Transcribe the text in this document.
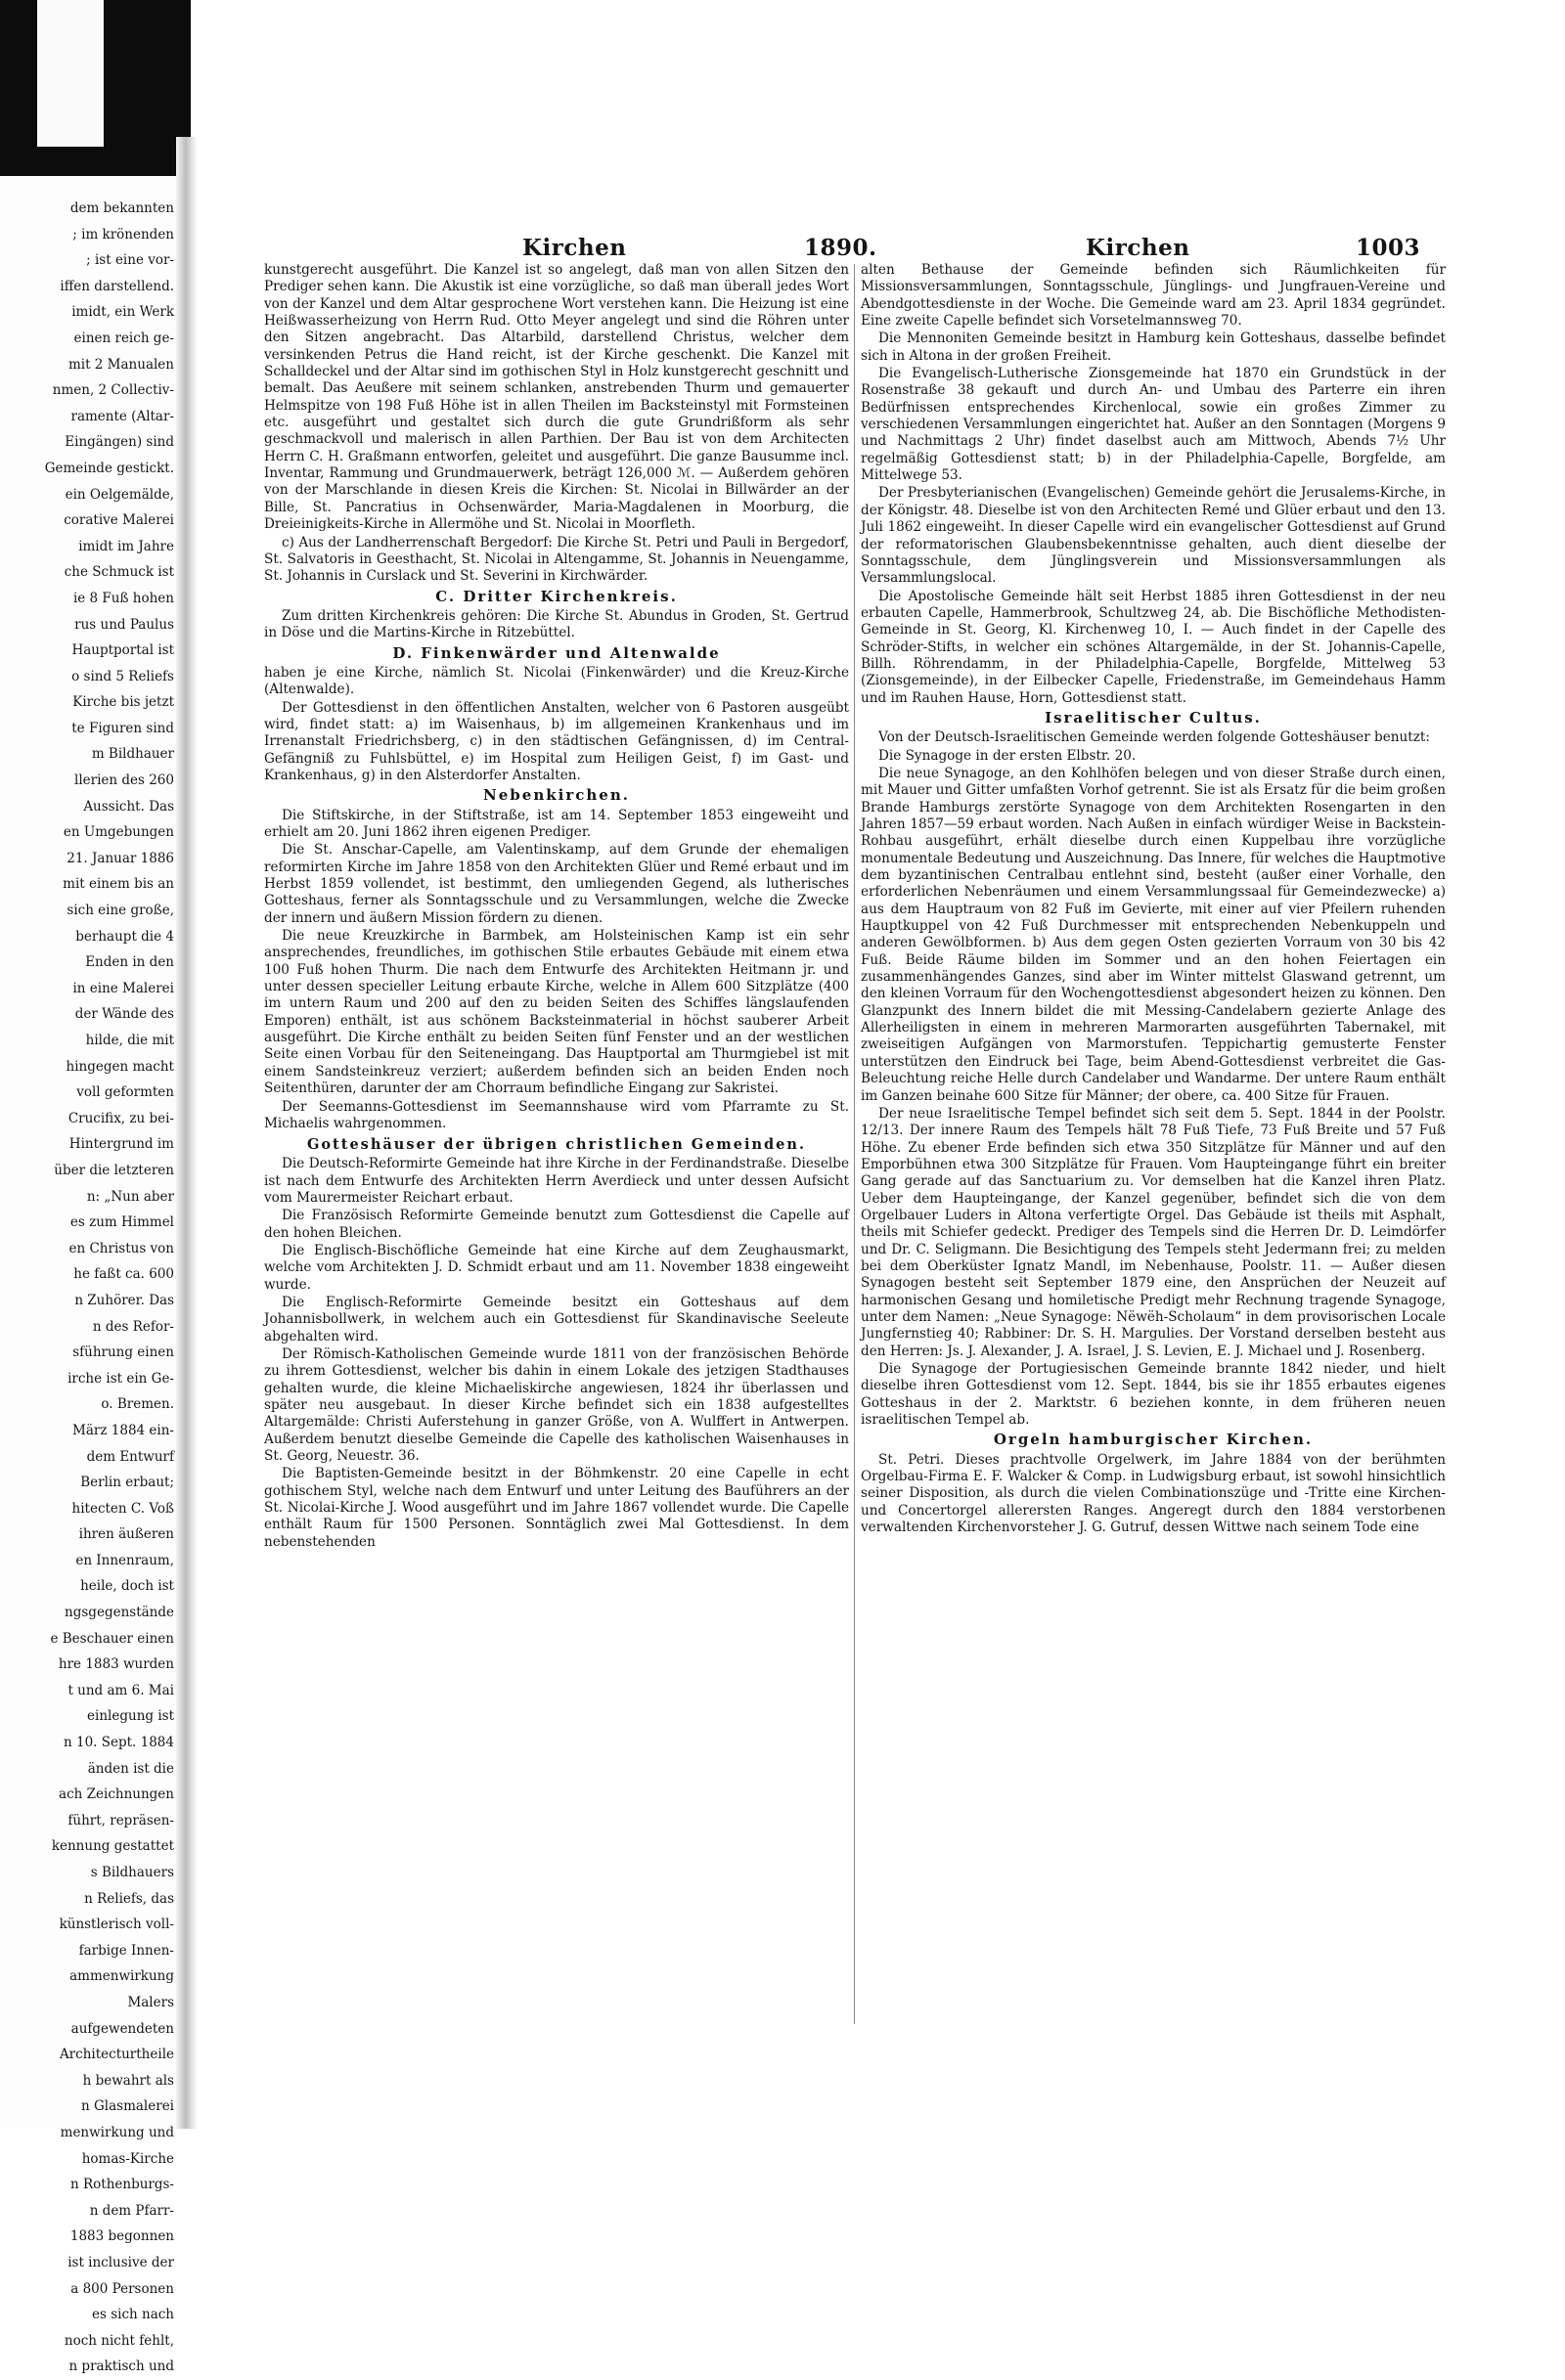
dem bekannten
; im krönenden
; ist eine vor-
iffen darstellend.
imidt, ein Werk
einen reich ge-
mit 2 Manualen
nmen, 2 Collectiv-
ramente (Altar-
Eingängen) sind
Gemeinde gestickt.
ein Oelgemälde,
corative Malerei
imidt im Jahre
che Schmuck ist
ie 8 Fuß hohen
rus und Paulus
Hauptportal ist
o sind 5 Reliefs
Kirche bis jetzt
te Figuren sind
m Bildhauer
llerien des 260
Aussicht. Das
en Umgebungen
21. Januar 1886
mit einem bis an
sich eine große,
berhaupt die 4
Enden in den
in eine Malerei
der Wände des
hilde, die mit
hingegen macht
voll geformten
Crucifix, zu bei-
Hintergrund im
über die letzteren
n: „Nun aber
es zum Himmel
en Christus von
he faßt ca. 600
n Zuhörer. Das
n des Refor-
sführung einen
irche ist ein Ge-
o. Bremen.
März 1884 ein-
dem Entwurf
Berlin erbaut;
hitecten C. Voß
ihren äußeren
en Innenraum,
heile, doch ist
ngsgegenstände
e Beschauer einen
hre 1883 wurden
t und am 6. Mai
einlegung ist
n 10. Sept. 1884
änden ist die
ach Zeichnungen
führt, repräsen-
kennung gestattet
s Bildhauers
n Reliefs, das
künstlerisch voll-
farbige Innen-
ammenwirkung
Malers
aufgewendeten
Architecturtheile
h bewahrt als
n Glasmalerei
menwirkung und
homas-Kirche
n Rothenburgs-
n dem Pfarr-
1883 begonnen
ist inclusive der
a 800 Personen
es sich nach
noch nicht fehlt,
n praktisch und
Kirchen	1890.	Kirchen	1003

kunstgerecht ausgeführt. Die Kanzel ist so angelegt, daß man von allen Sitzen den Prediger sehen kann. Die Akustik ist eine vorzügliche, so daß man überall jedes Wort von der Kanzel und dem Altar gesprochene Wort verstehen kann. Die Heizung ist eine Heißwasserheizung von Herrn Rud. Otto Meyer angelegt und sind die Röhren unter den Sitzen angebracht. Das Altarbild, darstellend Christus, welcher dem versinkenden Petrus die Hand reicht, ist der Kirche geschenkt. Die Kanzel mit Schalldeckel und der Altar sind im gothischen Styl in Holz kunstgerecht geschnitt und bemalt. Das Aeußere mit seinem schlanken, anstrebenden Thurm und gemauerter Helmspitze von 198 Fuß Höhe ist in allen Theilen im Backsteinstyl mit Formsteinen etc. ausgeführt und gestaltet sich durch die gute Grundrißform als sehr geschmackvoll und malerisch in allen Parthien. Der Bau ist von dem Architecten Herrn C. H. Graßmann entworfen, geleitet und ausgeführt. Die ganze Bausumme incl. Inventar, Rammung und Grundmauerwerk, beträgt 126,000 ℳ. — Außerdem gehören von der Marschlande in diesen Kreis die Kirchen: St. Nicolai in Billwärder an der Bille, St. Pancratius in Ochsenwärder, Maria-Magdalenen in Moorburg, die Dreieinigkeits-Kirche in Allermöhe und St. Nicolai in Moorfleth.

c) Aus der Landherrenschaft Bergedorf: Die Kirche St. Petri und Pauli in Bergedorf, St. Salvatoris in Geesthacht, St. Nicolai in Altengamme, St. Johannis in Neuengamme, St. Johannis in Curslack und St. Severini in Kirchwärder.

C. Dritter Kirchenkreis.

Zum dritten Kirchenkreis gehören: Die Kirche St. Abundus in Groden, St. Gertrud in Döse und die Martins-Kirche in Ritzebüttel.

D. Finkenwärder und Altenwalde

haben je eine Kirche, nämlich St. Nicolai (Finkenwärder) und die Kreuz-Kirche (Altenwalde).

Der Gottesdienst in den öffentlichen Anstalten, welcher von 6 Pastoren ausgeübt wird, findet statt: a) im Waisenhaus, b) im allgemeinen Krankenhaus und im Irrenanstalt Friedrichsberg, c) in den städtischen Gefängnissen, d) im Central-Gefängniß zu Fuhlsbüttel, e) im Hospital zum Heiligen Geist, f) im Gast- und Krankenhaus, g) in den Alsterdorfer Anstalten.

Nebenkirchen.

Die Stiftskirche, in der Stiftstraße, ist am 14. September 1853 eingeweiht und erhielt am 20. Juni 1862 ihren eigenen Prediger.

Die St. Anschar-Capelle, am Valentinskamp, auf dem Grunde der ehemaligen reformirten Kirche im Jahre 1858 von den Architekten Glüer und Remé erbaut und im Herbst 1859 vollendet, ist bestimmt, den umliegenden Gegend, als lutherisches Gotteshaus, ferner als Sonntagsschule und zu Versammlungen, welche die Zwecke der innern und äußern Mission fördern zu dienen.

Die neue Kreuzkirche in Barmbek, am Holsteinischen Kamp ist ein sehr ansprechendes, freundliches, im gothischen Stile erbautes Gebäude mit einem etwa 100 Fuß hohen Thurm. Die nach dem Entwurfe des Architekten Heitmann jr. und unter dessen specieller Leitung erbaute Kirche, welche in Allem 600 Sitzplätze (400 im untern Raum und 200 auf den zu beiden Seiten des Schiffes längslaufenden Emporen) enthält, ist aus schönem Backsteinmaterial in höchst sauberer Arbeit ausgeführt. Die Kirche enthält zu beiden Seiten fünf Fenster und an der westlichen Seite einen Vorbau für den Seiteneingang. Das Hauptportal am Thurmgiebel ist mit einem Sandsteinkreuz verziert; außerdem befinden sich an beiden Enden noch Seitenthüren, darunter der am Chorraum befindliche Eingang zur Sakristei.

Der Seemanns-Gottesdienst im Seemannshause wird vom Pfarramte zu St. Michaelis wahrgenommen.

Gotteshäuser der übrigen christlichen Gemeinden.

Die Deutsch-Reformirte Gemeinde hat ihre Kirche in der Ferdinandstraße. Dieselbe ist nach dem Entwurfe des Architekten Herrn Averdieck und unter dessen Aufsicht vom Maurermeister Reichart erbaut.

Die Französisch Reformirte Gemeinde benutzt zum Gottesdienst die Capelle auf den hohen Bleichen.

Die Englisch-Bischöfliche Gemeinde hat eine Kirche auf dem Zeughausmarkt, welche vom Architekten J. D. Schmidt erbaut und am 11. November 1838 eingeweiht wurde.

Die Englisch-Reformirte Gemeinde besitzt ein Gotteshaus auf dem Johannisbollwerk, in welchem auch ein Gottesdienst für Skandinavische Seeleute abgehalten wird.

Der Römisch-Katholischen Gemeinde wurde 1811 von der französischen Behörde zu ihrem Gottesdienst, welcher bis dahin in einem Lokale des jetzigen Stadthauses gehalten wurde, die kleine Michaeliskirche angewiesen, 1824 ihr überlassen und später neu ausgebaut. In dieser Kirche befindet sich ein 1838 aufgestelltes Altargemälde: Christi Auferstehung in ganzer Größe, von A. Wulffert in Antwerpen. Außerdem benutzt dieselbe Gemeinde die Capelle des katholischen Waisenhauses in St. Georg, Neuestr. 36.

Die Baptisten-Gemeinde besitzt in der Böhmkenstr. 20 eine Capelle in echt gothischem Styl, welche nach dem Entwurf und unter Leitung des Bauführers an der St. Nicolai-Kirche J. Wood ausgeführt und im Jahre 1867 vollendet wurde. Die Capelle enthält Raum für 1500 Personen. Sonntäglich zwei Mal Gottesdienst. In dem nebenstehenden

alten Bethause der Gemeinde befinden sich Räumlichkeiten für Missionsversammlungen, Sonntagsschule, Jünglings- und Jungfrauen-Vereine und Abendgottesdienste in der Woche. Die Gemeinde ward am 23. April 1834 gegründet. Eine zweite Capelle befindet sich Vorsetelmannsweg 70.

Die Mennoniten Gemeinde besitzt in Hamburg kein Gotteshaus, dasselbe befindet sich in Altona in der großen Freiheit.

Die Evangelisch-Lutherische Zionsgemeinde hat 1870 ein Grundstück in der Rosenstraße 38 gekauft und durch An- und Umbau des Parterre ein ihren Bedürfnissen entsprechendes Kirchenlocal, sowie ein großes Zimmer zu verschiedenen Versammlungen eingerichtet hat. Außer an den Sonntagen (Morgens 9 und Nachmittags 2 Uhr) findet daselbst auch am Mittwoch, Abends 7½ Uhr regelmäßig Gottesdienst statt; b) in der Philadelphia-Capelle, Borgfelde, am Mittelwege 53.

Der Presbyterianischen (Evangelischen) Gemeinde gehört die Jerusalems-Kirche, in der Königstr. 48. Dieselbe ist von den Architecten Remé und Glüer erbaut und den 13. Juli 1862 eingeweiht. In dieser Capelle wird ein evangelischer Gottesdienst auf Grund der reformatorischen Glaubensbekenntnisse gehalten, auch dient dieselbe der Sonntagsschule, dem Jünglingsverein und Missionsversammlungen als Versammlungslocal.

Die Apostolische Gemeinde hält seit Herbst 1885 ihren Gottesdienst in der neu erbauten Capelle, Hammerbrook, Schultzweg 24, ab. Die Bischöfliche Methodisten-Gemeinde in St. Georg, Kl. Kirchenweg 10, I. — Auch findet in der Capelle des Schröder-Stifts, in welcher ein schönes Altargemälde, in der St. Johannis-Capelle, Billh. Röhrendamm, in der Philadelphia-Capelle, Borgfelde, Mittelweg 53 (Zionsgemeinde), in der Eilbecker Capelle, Friedenstraße, im Gemeindehaus Hamm und im Rauhen Hause, Horn, Gottesdienst statt.

Israelitischer Cultus.

Von der Deutsch-Israelitischen Gemeinde werden folgende Gotteshäuser benutzt:

Die Synagoge in der ersten Elbstr. 20.

Die neue Synagoge, an den Kohlhöfen belegen und von dieser Straße durch einen, mit Mauer und Gitter umfaßten Vorhof getrennt. Sie ist als Ersatz für die beim großen Brande Hamburgs zerstörte Synagoge von dem Architekten Rosengarten in den Jahren 1857—59 erbaut worden. Nach Außen in einfach würdiger Weise in Backstein-Rohbau ausgeführt, erhält dieselbe durch einen Kuppelbau ihre vorzügliche monumentale Bedeutung und Auszeichnung. Das Innere, für welches die Hauptmotive dem byzantinischen Centralbau entlehnt sind, besteht (außer einer Vorhalle, den erforderlichen Nebenräumen und einem Versammlungssaal für Gemeindezwecke) a) aus dem Hauptraum von 82 Fuß im Gevierte, mit einer auf vier Pfeilern ruhenden Hauptkuppel von 42 Fuß Durchmesser mit entsprechenden Nebenkuppeln und anderen Gewölbformen. b) Aus dem gegen Osten gezierten Vorraum von 30 bis 42 Fuß. Beide Räume bilden im Sommer und an den hohen Feiertagen ein zusammenhängendes Ganzes, sind aber im Winter mittelst Glaswand getrennt, um den kleinen Vorraum für den Wochengottesdienst abgesondert heizen zu können. Den Glanzpunkt des Innern bildet die mit Messing-Candelabern gezierte Anlage des Allerheiligsten in einem in mehreren Marmorarten ausgeführten Tabernakel, mit zweiseitigen Aufgängen von Marmorstufen. Teppichartig gemusterte Fenster unterstützen den Eindruck bei Tage, beim Abend-Gottesdienst verbreitet die Gas-Beleuchtung reiche Helle durch Candelaber und Wandarme. Der untere Raum enthält im Ganzen beinahe 600 Sitze für Männer; der obere, ca. 400 Sitze für Frauen.

Der neue Israelitische Tempel befindet sich seit dem 5. Sept. 1844 in der Poolstr. 12/13. Der innere Raum des Tempels hält 78 Fuß Tiefe, 73 Fuß Breite und 57 Fuß Höhe. Zu ebener Erde befinden sich etwa 350 Sitzplätze für Männer und auf den Emporbühnen etwa 300 Sitzplätze für Frauen. Vom Haupteingange führt ein breiter Gang gerade auf das Sanctuarium zu. Vor demselben hat die Kanzel ihren Platz. Ueber dem Haupteingange, der Kanzel gegenüber, befindet sich die von dem Orgelbauer Luders in Altona verfertigte Orgel. Das Gebäude ist theils mit Asphalt, theils mit Schiefer gedeckt. Prediger des Tempels sind die Herren Dr. D. Leimdörfer und Dr. C. Seligmann. Die Besichtigung des Tempels steht Jedermann frei; zu melden bei dem Oberküster Ignatz Mandl, im Nebenhause, Poolstr. 11. — Außer diesen Synagogen besteht seit September 1879 eine, den Ansprüchen der Neuzeit auf harmonischen Gesang und homiletische Predigt mehr Rechnung tragende Synagoge, unter dem Namen: „Neue Synagoge: Nëwëh-Scholaum“ in dem provisorischen Locale Jungfernstieg 40; Rabbiner: Dr. S. H. Margulies. Der Vorstand derselben besteht aus den Herren: Js. J. Alexander, J. A. Israel, J. S. Levien, E. J. Michael und J. Rosenberg.

Die Synagoge der Portugiesischen Gemeinde brannte 1842 nieder, und hielt dieselbe ihren Gottesdienst vom 12. Sept. 1844, bis sie ihr 1855 erbautes eigenes Gotteshaus in der 2. Marktstr. 6 beziehen konnte, in dem früheren neuen israelitischen Tempel ab.

Orgeln hamburgischer Kirchen.

St. Petri. Dieses prachtvolle Orgelwerk, im Jahre 1884 von der berühmten Orgelbau-Firma E. F. Walcker & Comp. in Ludwigsburg erbaut, ist sowohl hinsichtlich seiner Disposition, als durch die vielen Combinationszüge und -Tritte eine Kirchen- und Concertorgel allerersten Ranges. Angeregt durch den 1884 verstorbenen verwaltenden Kirchenvorsteher J. G. Gutruf, dessen Wittwe nach seinem Tode eine
